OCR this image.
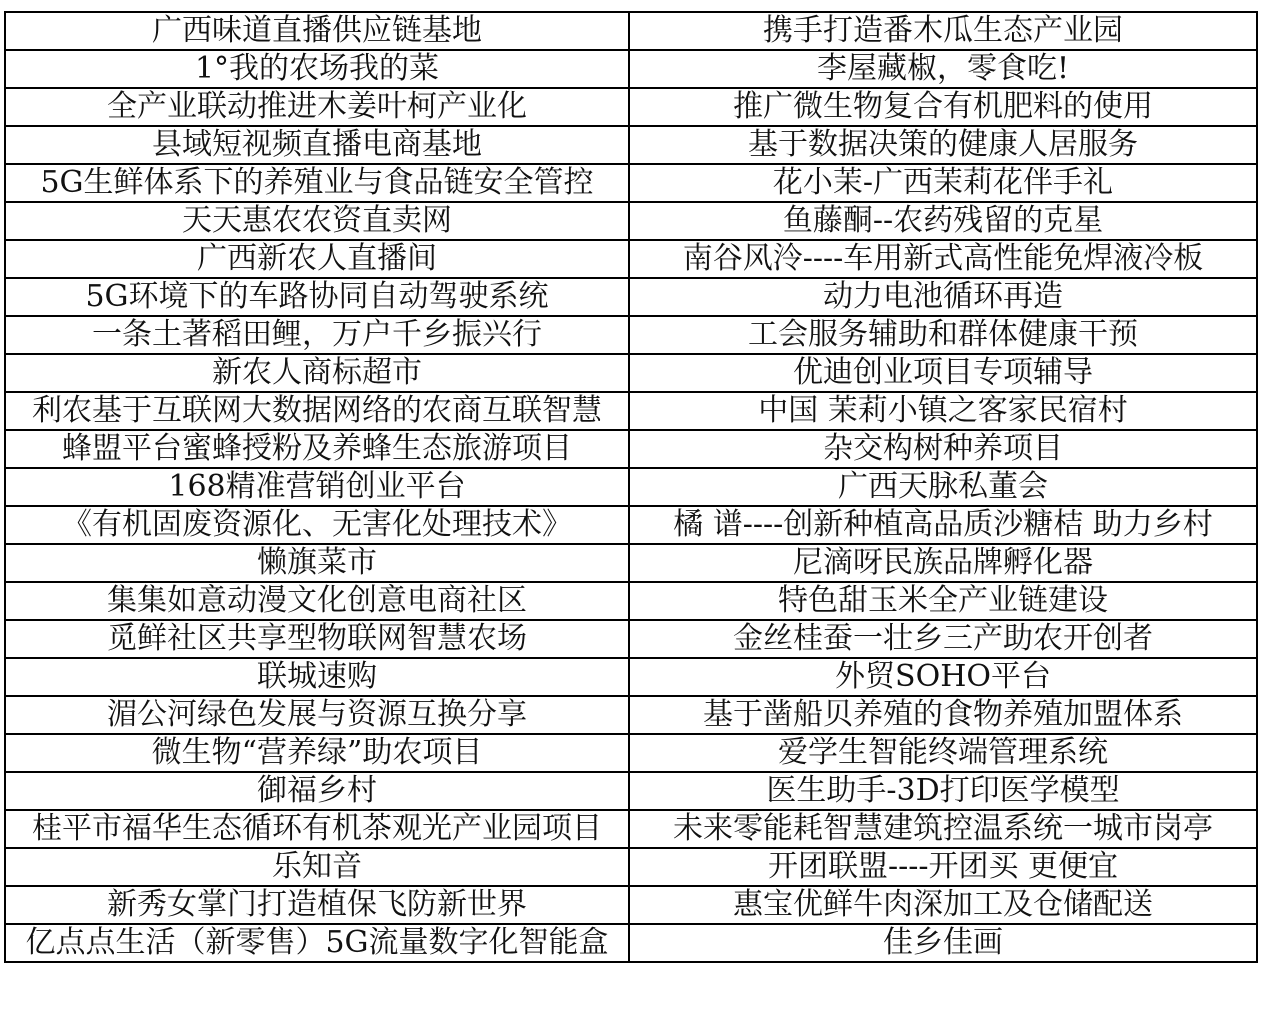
广西味道直播供应链基地	携手打造番木瓜生态产业园
1°我的农场我的菜	李屋藏椒，零食吃!
全产业联动推进木姜叶柯产业化	推广微生物复合有机肥料的使用
县域短视频直播电商基地	基于数据决策的健康人居服务
5G生鲜体系下的养殖业与食品链安全管控	花小茉-广西茉莉花伴手礼
天天惠农农资直卖网	鱼藤酮--农药残留的克星
广西新农人直播间	南谷风泠----车用新式高性能免焊液冷板
5G环境下的车路协同自动驾驶系统	动力电池循环再造
一条土著稻田鲤，万户千乡振兴行	工会服务辅助和群体健康干预
新农人商标超市	优迪创业项目专项辅导
利农基于互联网大数据网络的农商互联智慧	中国 茉莉小镇之客家民宿村
蜂盟平台蜜蜂授粉及养蜂生态旅游项目	杂交构树种养项目
168精准营销创业平台	广西天脉私董会
《有机固废资源化、无害化处理技术》	橘 谱----创新种植高品质沙糖桔 助力乡村
懒旗菜市	尼滴呀民族品牌孵化器
集集如意动漫文化创意电商社区	特色甜玉米全产业链建设
觅鲜社区共享型物联网智慧农场	金丝桂蚕一壮乡三产助农开创者
联城速购	外贸SOHO平台
湄公河绿色发展与资源互换分享	基于凿船贝养殖的食物养殖加盟体系
微生物“营养绿”助农项目	爱学生智能终端管理系统
御福乡村	医生助手-3D打印医学模型
桂平市福华生态循环有机茶观光产业园项目	未来零能耗智慧建筑控温系统一城市岗亭
乐知音	开团联盟----开团买 更便宜
新秀女掌门打造植保飞防新世界	惠宝优鲜牛肉深加工及仓储配送
亿点点生活（新零售）5G流量数字化智能盒	佳乡佳画
